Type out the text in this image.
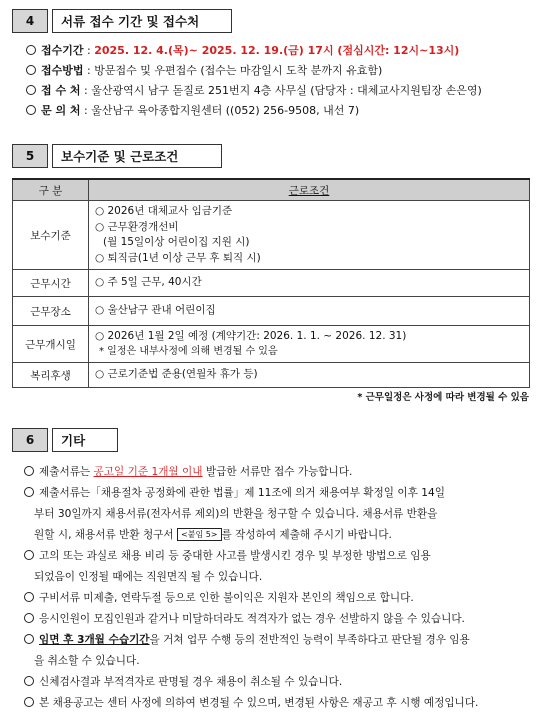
4	서류 접수 기간 및 접수처
접수기간 : 2025. 12. 4.(목)~ 2025. 12. 19.(금) 17시 (점심시간: 12시~13시)
접수방법 : 방문접수 및 우편접수 (접수는 마감일시 도착 분까지 유효함)
접 수 처 : 울산광역시 남구 돋질로 251번지 4층 사무실 (담당자 : 대체교사지원팀장 손은영)
문 의 처 : 울산남구 육아종합지원센터 ((052) 256-9508, 내선 7)
5	보수기준 및 근로조건
구 분	근로조건
보수기준	○ 2026년 대체교사 임금기준
○ 근무환경개선비
(월 15일이상 어린이집 지원 시)
○ 퇴직금(1년 이상 근무 후 퇴직 시)

근무시간	○ 주 5일 근무, 40시간

근무장소	○ 울산남구 관내 어린이집

근무개시일	○ 2026년 1월 2일 예정 (계약기간: 2026. 1. 1. ~ 2026. 12. 31)
* 일정은 내부사정에 의해 변경될 수 있음

복리후생	○ 근로기준법 준용(연월차 휴가 등)
* 근무일정은 사정에 따라 변경될 수 있음
6	기타
제출서류는 공고일 기준 1개월 이내 발급한 서류만 접수 가능합니다.
제출서류는「채용절차 공정화에 관한 법률」제 11조에 의거 채용여부 확정일 이후 14일
부터 30일까지 채용서류(전자서류 제외)의 반환을 청구할 수 있습니다. 채용서류 반환을
원할 시, 채용서류 반환 청구서 <붙임 5> 를 작성하여 제출해 주시기 바랍니다.
고의 또는 과실로 채용 비리 등 중대한 사고를 발생시킨 경우 및 부정한 방법으로 임용
되었음이 인정될 때에는 직원면직 될 수 있습니다.
구비서류 미제출, 연락두절 등으로 인한 불이익은 지원자 본인의 책임으로 합니다.
응시인원이 모집인원과 같거나 미달하더라도 적격자가 없는 경우 선발하지 않을 수 있습니다.
임면 후 3개월 수습기간을 거쳐 업무 수행 등의 전반적인 능력이 부족하다고 판단될 경우 임용
을 취소할 수 있습니다.
신체검사결과 부적격자로 판명될 경우 채용이 취소될 수 있습니다.
본 채용공고는 센터 사정에 의하여 변경될 수 있으며, 변경된 사항은 재공고 후 시행 예정입니다.
